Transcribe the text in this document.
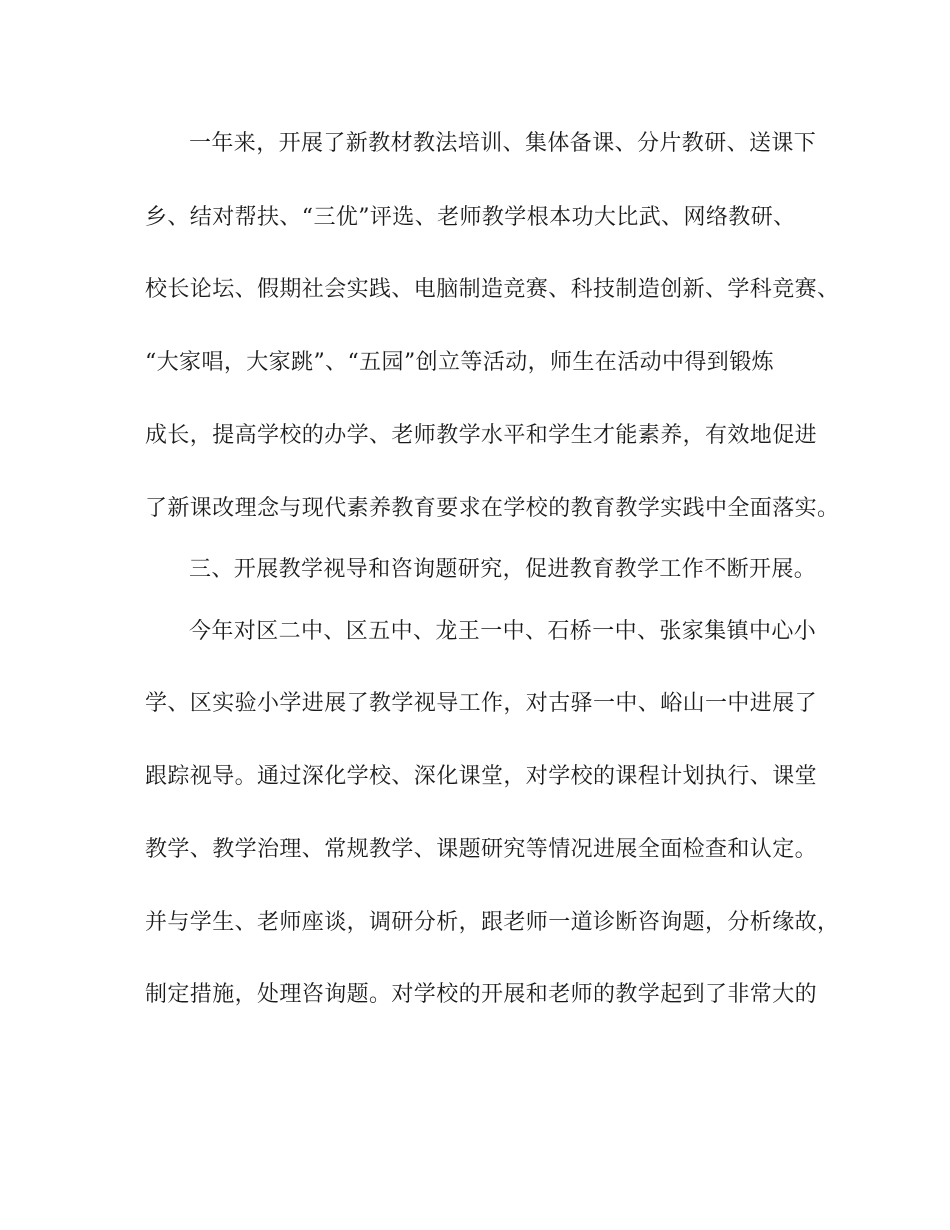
一年来，开展了新教材教法培训、集体备课、分片教研、送课下
乡、结对帮扶、“三优”评选、老师教学根本功大比武、网络教研、
校长论坛、假期社会实践、电脑制造竞赛、科技制造创新、学科竞赛、
“大家唱，大家跳”、“五园”创立等活动，师生在活动中得到锻炼
成长，提高学校的办学、老师教学水平和学生才能素养，有效地促进
了新课改理念与现代素养教育要求在学校的教育教学实践中全面落实。
三、开展教学视导和咨询题研究，促进教育教学工作不断开展。
今年对区二中、区五中、龙王一中、石桥一中、张家集镇中心小
学、区实验小学进展了教学视导工作，对古驿一中、峪山一中进展了
跟踪视导。通过深化学校、深化课堂，对学校的课程计划执行、课堂
教学、教学治理、常规教学、课题研究等情况进展全面检查和认定。
并与学生、老师座谈，调研分析，跟老师一道诊断咨询题，分析缘故，
制定措施，处理咨询题。对学校的开展和老师的教学起到了非常大的
